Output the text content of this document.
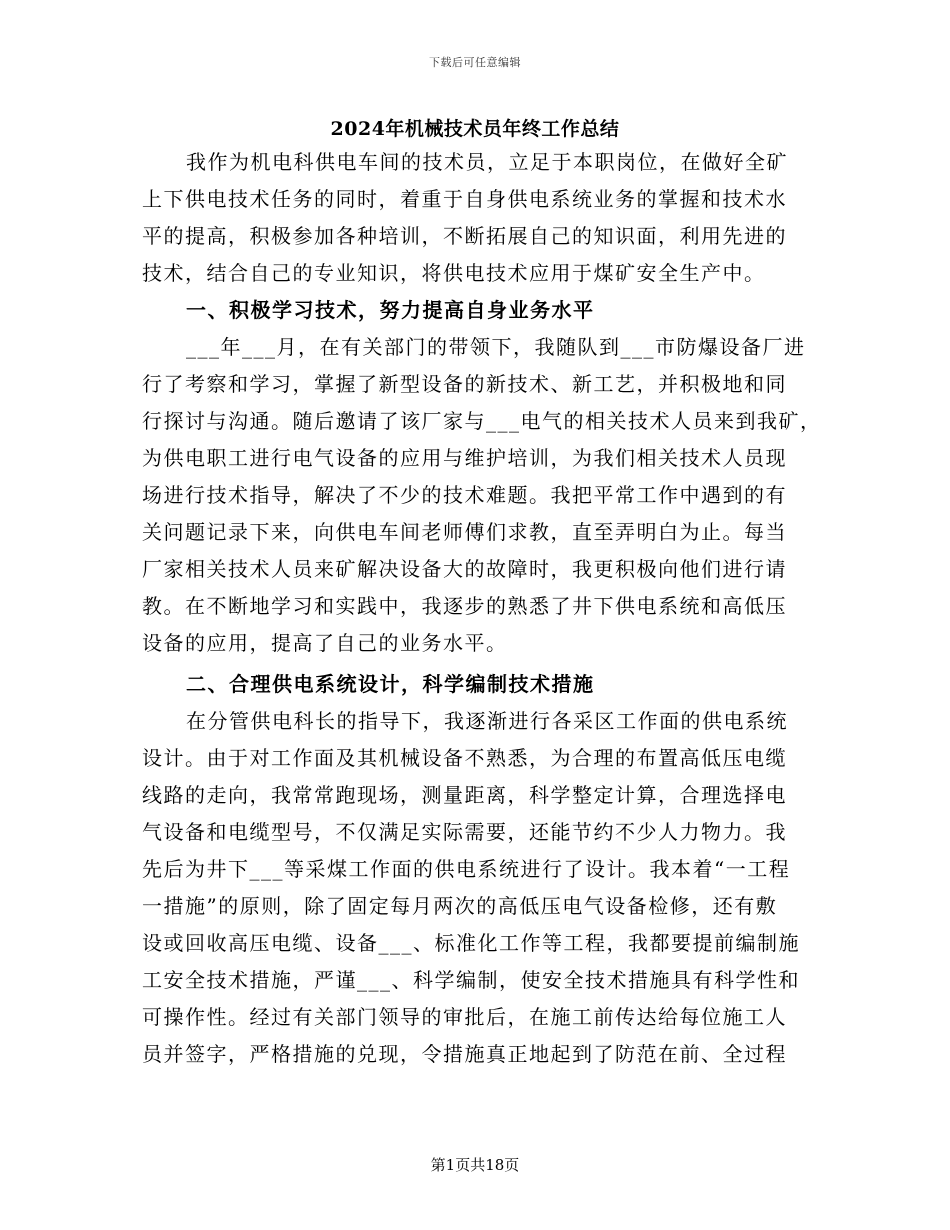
下载后可任意编辑
2024年机械技术员年终工作总结
我作为机电科供电车间的技术员，立足于本职岗位，在做好全矿
上下供电技术任务的同时，着重于自身供电系统业务的掌握和技术水
平的提高，积极参加各种培训，不断拓展自己的知识面，利用先进的
技术，结合自己的专业知识，将供电技术应用于煤矿安全生产中。
一、积极学习技术，努力提高自身业务水平
___年___月，在有关部门的带领下，我随队到___市防爆设备厂进
行了考察和学习，掌握了新型设备的新技术、新工艺，并积极地和同
行探讨与沟通。随后邀请了该厂家与___电气的相关技术人员来到我矿，
为供电职工进行电气设备的应用与维护培训，为我们相关技术人员现
场进行技术指导，解决了不少的技术难题。我把平常工作中遇到的有
关问题记录下来，向供电车间老师傅们求教，直至弄明白为止。每当
厂家相关技术人员来矿解决设备大的故障时，我更积极向他们进行请
教。在不断地学习和实践中，我逐步的熟悉了井下供电系统和高低压
设备的应用，提高了自己的业务水平。
二、合理供电系统设计，科学编制技术措施
在分管供电科长的指导下，我逐渐进行各采区工作面的供电系统
设计。由于对工作面及其机械设备不熟悉，为合理的布置高低压电缆
线路的走向，我常常跑现场，测量距离，科学整定计算，合理选择电
气设备和电缆型号，不仅满足实际需要，还能节约不少人力物力。我
先后为井下___等采煤工作面的供电系统进行了设计。我本着“一工程
一措施”的原则，除了固定每月两次的高低压电气设备检修，还有敷
设或回收高压电缆、设备___、标准化工作等工程，我都要提前编制施
工安全技术措施，严谨___、科学编制，使安全技术措施具有科学性和
可操作性。经过有关部门领导的审批后，在施工前传达给每位施工人
员并签字，严格措施的兑现，令措施真正地起到了防范在前、全过程
第1页共18页
